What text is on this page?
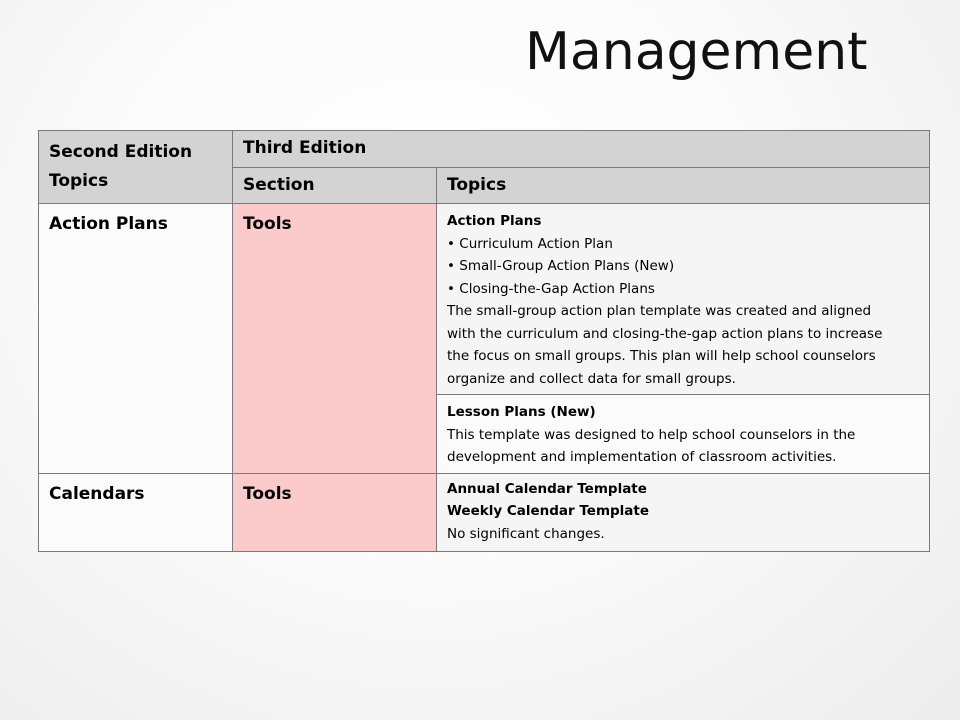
Management
Second Edition Topics	Third Edition	

	Section	Topics

Action Plans	Tools	Action Plans
• Curriculum Action Plan
• Small-Group Action Plans (New)
• Closing-the-Gap Action Plans
The small-group action plan template was created and aligned with the curriculum and closing-the-gap action plans to increase the focus on small groups. This plan will help school counselors organize and collect data for small groups.

		Lesson Plans (New)
This template was designed to help school counselors in the development and implementation of classroom activities.

Calendars	Tools	Annual Calendar Template
Weekly Calendar Template
No significant changes.
